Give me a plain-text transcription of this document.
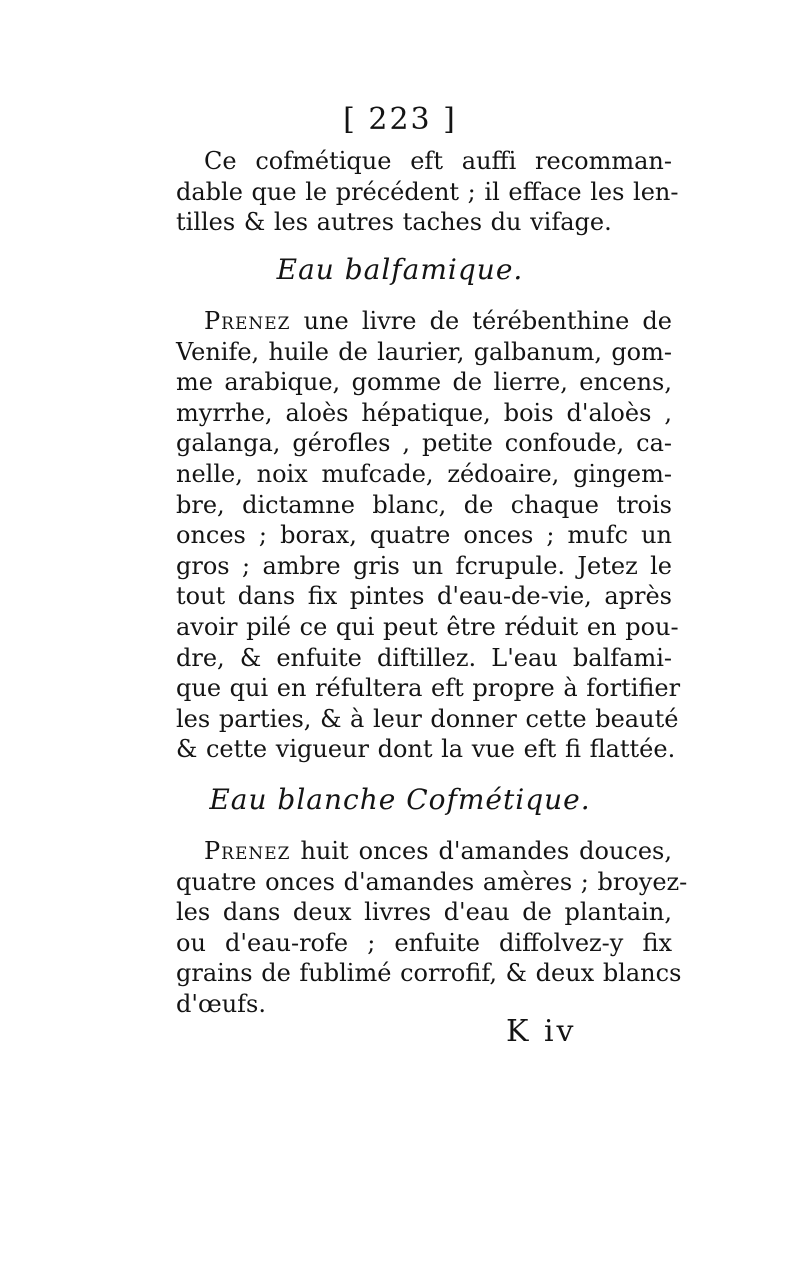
[ 223 ]
Ce cofmétique eft auffi recomman-
dable que le précédent ; il efface les len-
tilles & les autres taches du vifage.
Eau balfamique.
Prenez une livre de térébenthine de
Venife, huile de laurier, galbanum, gom-
me arabique, gomme de lierre, encens,
myrrhe, aloès hépatique, bois d'aloès ,
galanga, gérofles , petite confoude, ca-
nelle, noix mufcade, zédoaire, gingem-
bre, dictamne blanc, de chaque trois
onces ; borax, quatre onces ; mufc un
gros ; ambre gris un fcrupule. Jetez le
tout dans fix pintes d'eau-de-vie, après
avoir pilé ce qui peut être réduit en pou-
dre, & enfuite diftillez. L'eau balfami-
que qui en réfultera eft propre à fortifier
les parties, & à leur donner cette beauté
& cette vigueur dont la vue eft fi flattée.
Eau blanche Cofmétique.
Prenez huit onces d'amandes douces,
quatre onces d'amandes amères ; broyez-
les dans deux livres d'eau de plantain,
ou d'eau-rofe ; enfuite diffolvez-y fix
grains de fublimé corrofif, & deux blancs
d'œufs.
K iv
